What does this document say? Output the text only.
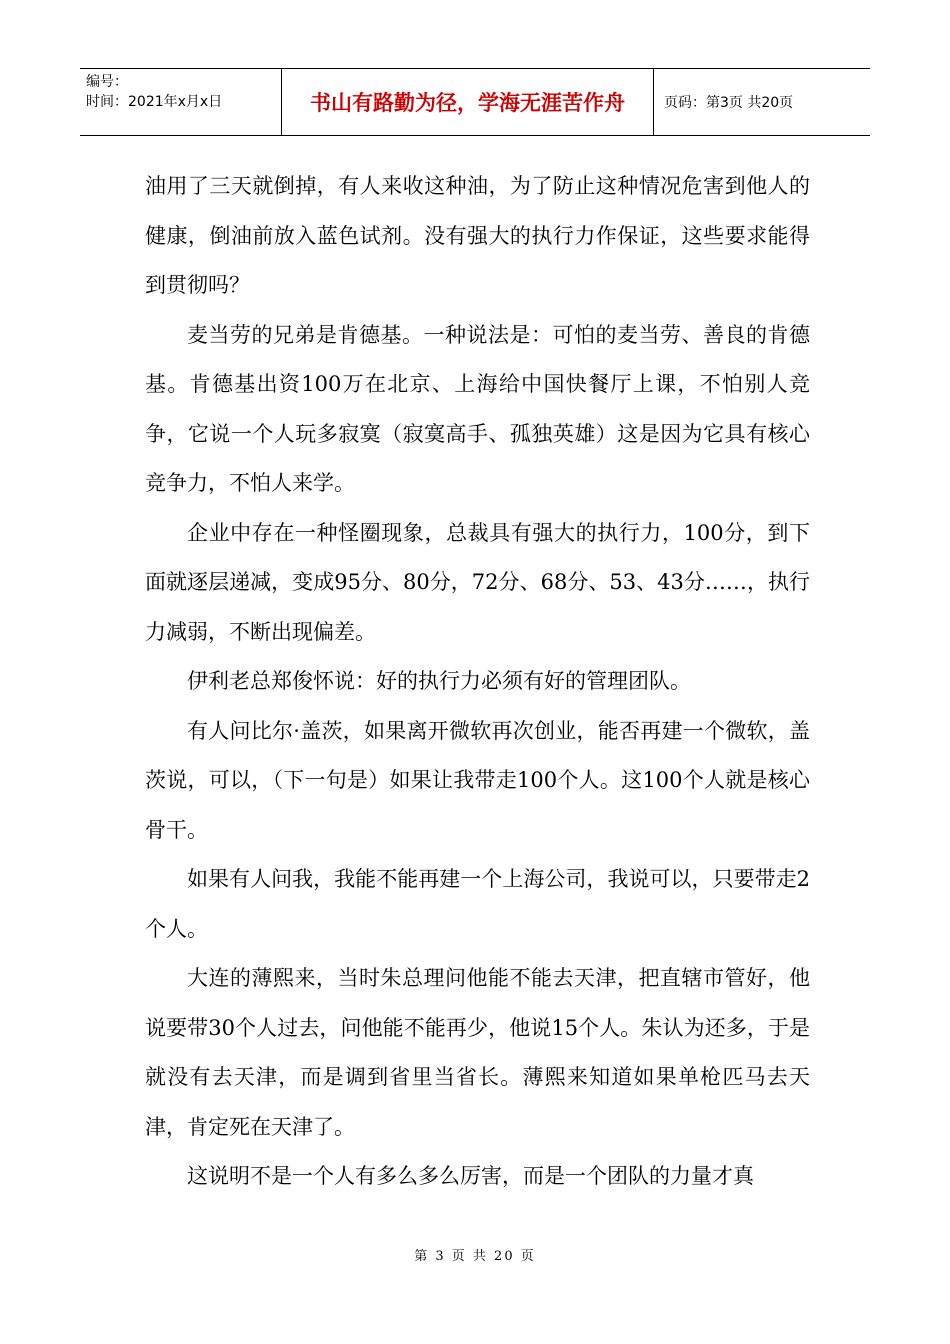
编号：
时间：2021年x月x日	书山有路勤为径，学海无涯苦作舟	页码：第3页 共20页

油用了三天就倒掉，有人来收这种油，为了防止这种情况危害到他人的健康，倒油前放入蓝色试剂。没有强大的执行力作保证，这些要求能得到贯彻吗？

麦当劳的兄弟是肯德基。一种说法是：可怕的麦当劳、善良的肯德基。肯德基出资100万在北京、上海给中国快餐厅上课，不怕别人竞争，它说一个人玩多寂寞（寂寞高手、孤独英雄）这是因为它具有核心竞争力，不怕人来学。

企业中存在一种怪圈现象，总裁具有强大的执行力，100分，到下面就逐层递减，变成95分、80分，72分、68分、53、43分……，执行力减弱，不断出现偏差。

伊利老总郑俊怀说：好的执行力必须有好的管理团队。

有人问比尔·盖茨，如果离开微软再次创业，能否再建一个微软，盖茨说，可以，（下一句是）如果让我带走100个人。这100个人就是核心骨干。

如果有人问我，我能不能再建一个上海公司，我说可以，只要带走2个人。

大连的薄熙来，当时朱总理问他能不能去天津，把直辖市管好，他说要带30个人过去，问他能不能再少，他说15个人。朱认为还多，于是就没有去天津，而是调到省里当省长。薄熙来知道如果单枪匹马去天津，肯定死在天津了。

这说明不是一个人有多么多么厉害，而是一个团队的力量才真

第 3 页 共 20 页
